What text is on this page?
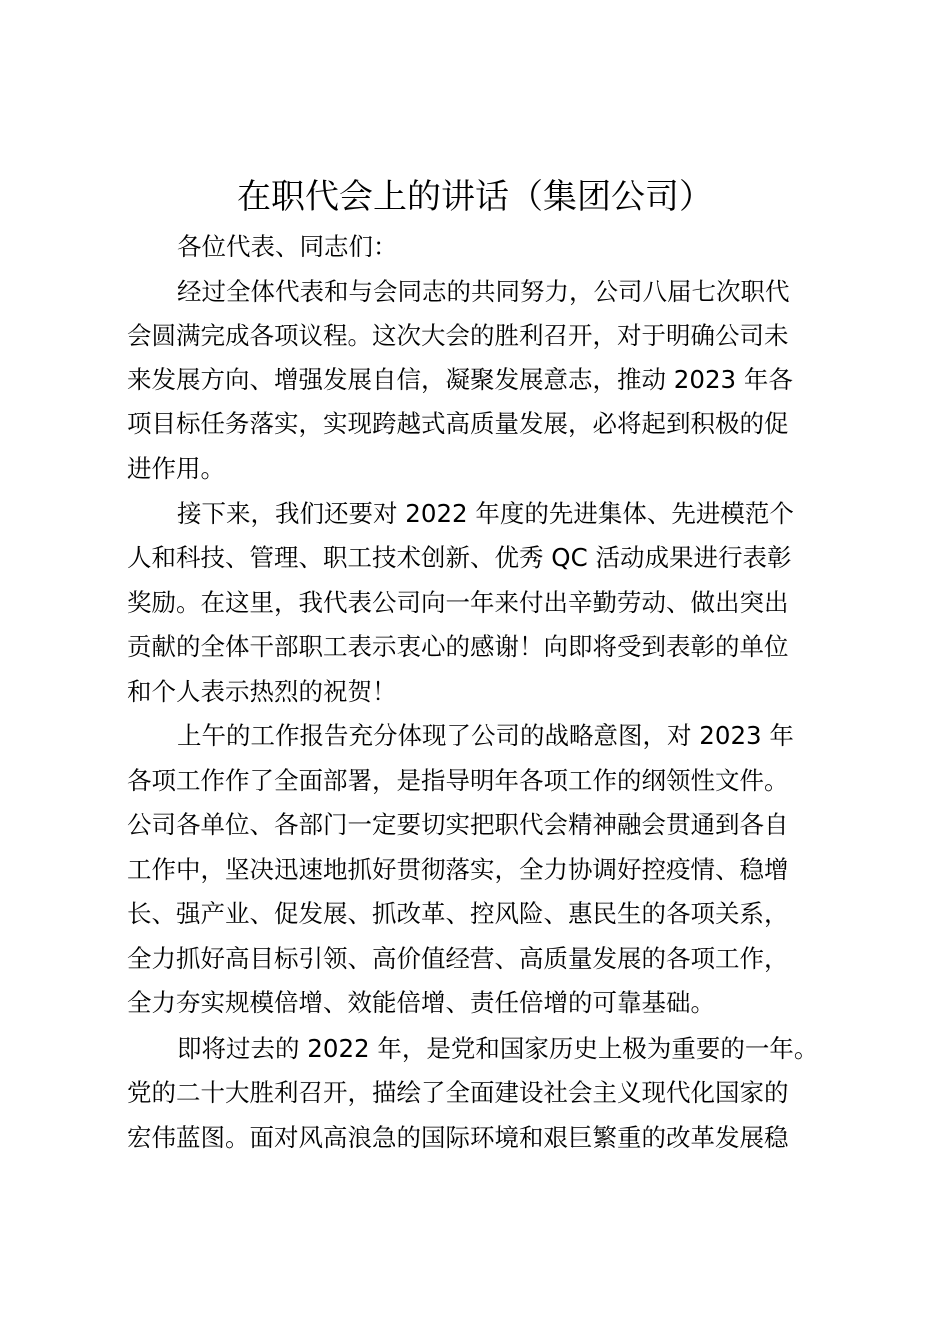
在职代会上的讲话（集团公司）
各位代表、同志们：
经过全体代表和与会同志的共同努力，公司八届七次职代
会圆满完成各项议程。这次大会的胜利召开，对于明确公司未
来发展方向、增强发展自信，凝聚发展意志，推动 2023 年各
项目标任务落实，实现跨越式高质量发展，必将起到积极的促
进作用。
接下来，我们还要对 2022 年度的先进集体、先进模范个
人和科技、管理、职工技术创新、优秀 QC 活动成果进行表彰
奖励。在这里，我代表公司向一年来付出辛勤劳动、做出突出
贡献的全体干部职工表示衷心的感谢！向即将受到表彰的单位
和个人表示热烈的祝贺！
上午的工作报告充分体现了公司的战略意图，对 2023 年
各项工作作了全面部署，是指导明年各项工作的纲领性文件。
公司各单位、各部门一定要切实把职代会精神融会贯通到各自
工作中，坚决迅速地抓好贯彻落实，全力协调好控疫情、稳增
长、强产业、促发展、抓改革、控风险、惠民生的各项关系，
全力抓好高目标引领、高价值经营、高质量发展的各项工作，
全力夯实规模倍增、效能倍增、责任倍增的可靠基础。
即将过去的 2022 年，是党和国家历史上极为重要的一年。
党的二十大胜利召开，描绘了全面建设社会主义现代化国家的
宏伟蓝图。面对风高浪急的国际环境和艰巨繁重的改革发展稳
